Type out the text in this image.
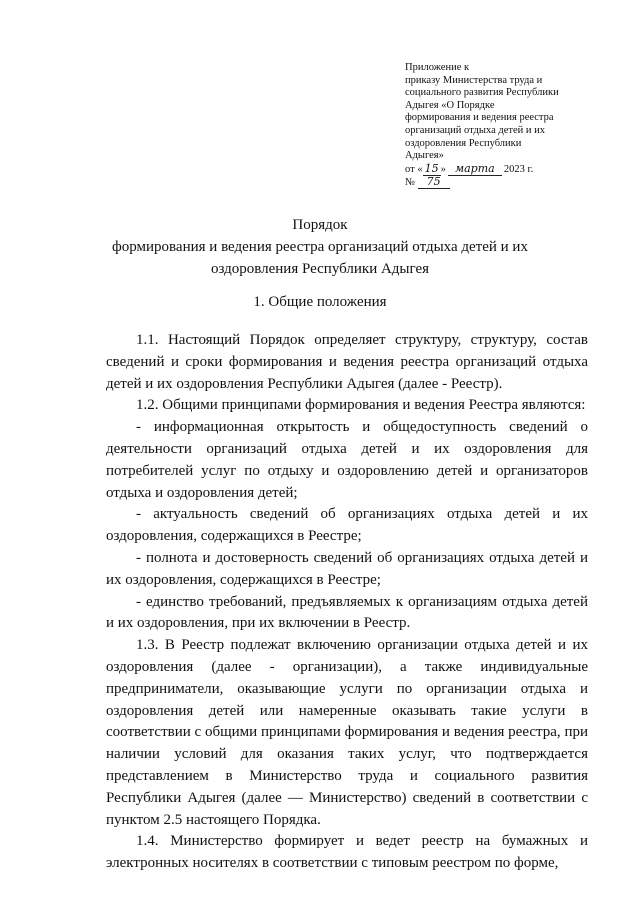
Приложение к
приказу Министерства труда и
социального развития Республики
Адыгея «О Порядке
формирования и ведения реестра
организаций отдыха детей и их
оздоровления Республики
Адыгея»
от « 15 » марта 2023 г.
№ 75
Порядок
формирования и ведения реестра организаций отдыха детей и их
оздоровления Республики Адыгея
1. Общие положения

1.1. Настоящий Порядок определяет структуру, структуру, состав сведений и сроки формирования и ведения реестра организаций отдыха детей и их оздоровления Республики Адыгея (далее - Реестр).

1.2. Общими принципами формирования и ведения Реестра являются:

- информационная открытость и общедоступность сведений о деятельности организаций отдыха детей и их оздоровления для потребителей услуг по отдыху и оздоровлению детей и организаторов отдыха и оздоровления детей;

- актуальность сведений об организациях отдыха детей и их оздоровления, содержащихся в Реестре;

- полнота и достоверность сведений об организациях отдыха детей и их оздоровления, содержащихся в Реестре;

- единство требований, предъявляемых к организациям отдыха детей и их оздоровления, при их включении в Реестр.

1.3. В Реестр подлежат включению организации отдыха детей и их оздоровления (далее - организации), а также индивидуальные предприниматели, оказывающие услуги по организации отдыха и оздоровления детей или намеренные оказывать такие услуги в соответствии с общими принципами формирования и ведения реестра, при наличии условий для оказания таких услуг, что подтверждается представлением в Министерство труда и социального развития Республики Адыгея (далее — Министерство) сведений в соответствии с пунктом 2.5 настоящего Порядка.

1.4. Министерство формирует и ведет реестр на бумажных и электронных носителях в соответствии с типовым реестром по форме,
